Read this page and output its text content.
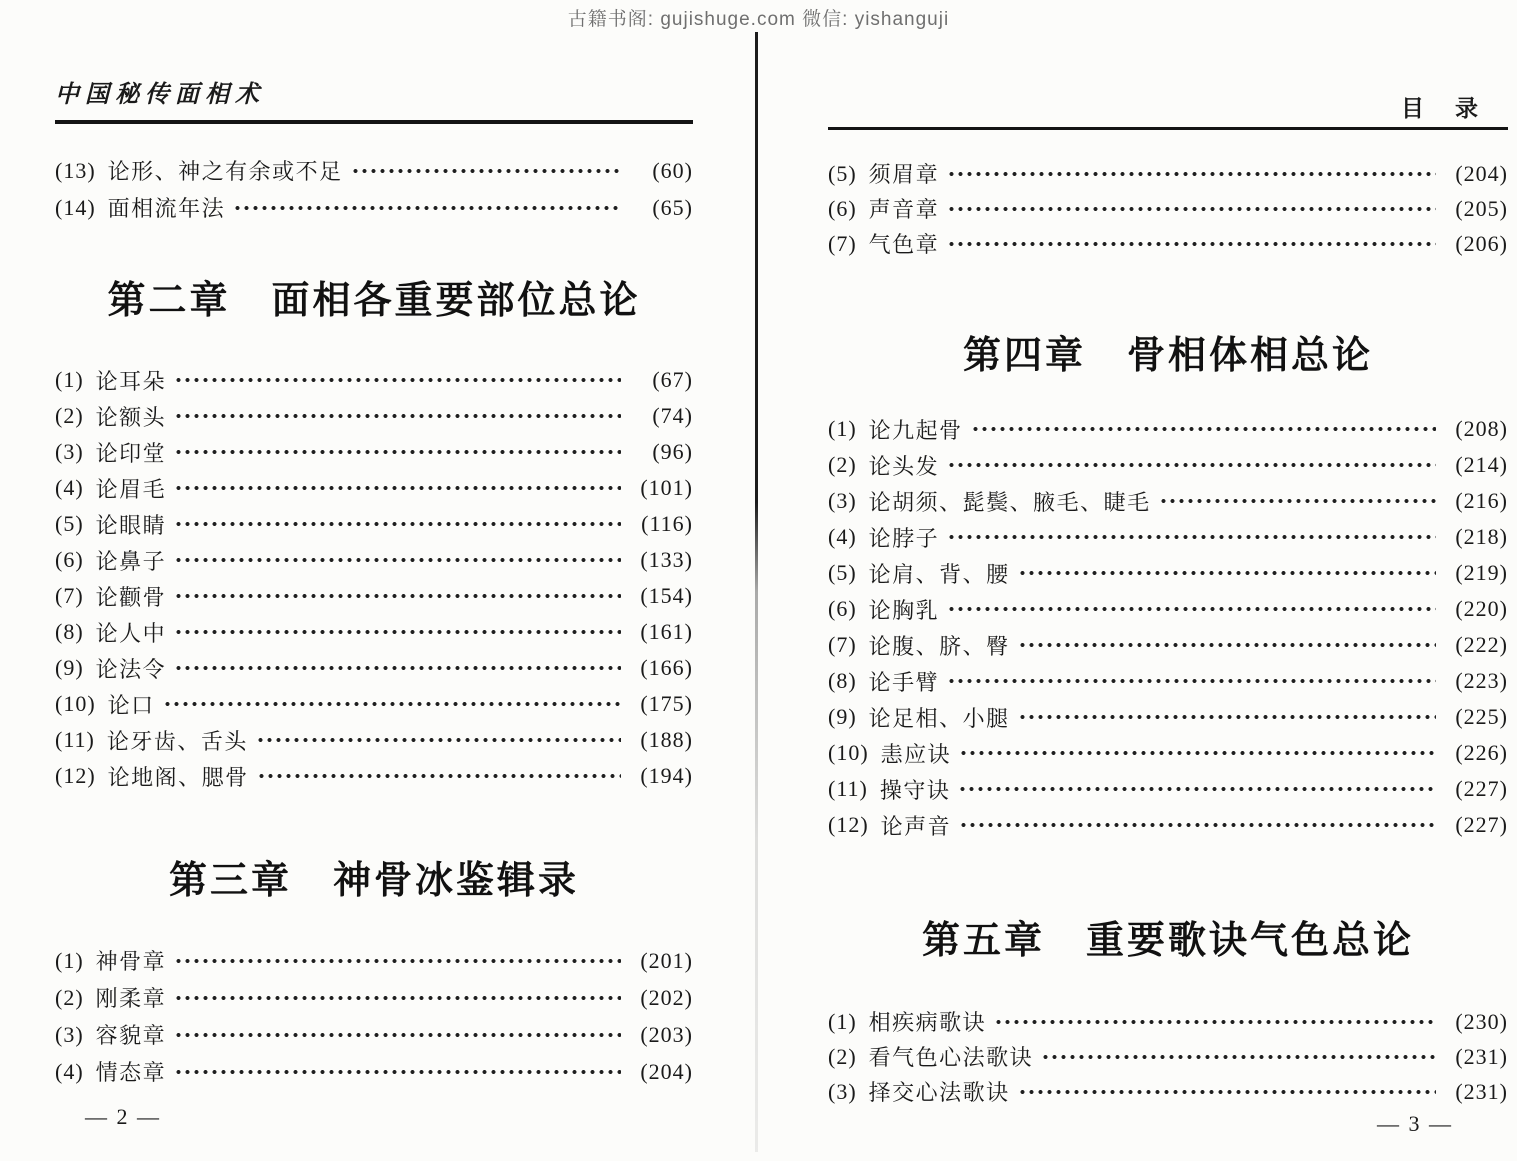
古籍书阁: gujishuge.com 微信: yishanguji
中国秘传面相术
(13) 论形、神之有余或不足	(60)
(14) 面相流年法	(65)
第二章　面相各重要部位总论
(1) 论耳朵	(67)
(2) 论额头	(74)
(3) 论印堂	(96)
(4) 论眉毛	(101)
(5) 论眼睛	(116)
(6) 论鼻子	(133)
(7) 论颧骨	(154)
(8) 论人中	(161)
(9) 论法令	(166)
(10) 论口	(175)
(11) 论牙齿、舌头	(188)
(12) 论地阁、腮骨	(194)
第三章　神骨冰鉴辑录
(1) 神骨章	(201)
(2) 刚柔章	(202)
(3) 容貌章	(203)
(4) 情态章	(204)
— 2 —
目　录
(5) 须眉章	(204)
(6) 声音章	(205)
(7) 气色章	(206)
第四章　骨相体相总论
(1) 论九起骨	(208)
(2) 论头发	(214)
(3) 论胡须、髭鬓、腋毛、睫毛	(216)
(4) 论脖子	(218)
(5) 论肩、背、腰	(219)
(6) 论胸乳	(220)
(7) 论腹、脐、臀	(222)
(8) 论手臂	(223)
(9) 论足相、小腿	(225)
(10) 恚应诀	(226)
(11) 操守诀	(227)
(12) 论声音	(227)
第五章　重要歌诀气色总论
(1) 相疾病歌诀	(230)
(2) 看气色心法歌诀	(231)
(3) 择交心法歌诀	(231)
— 3 —
